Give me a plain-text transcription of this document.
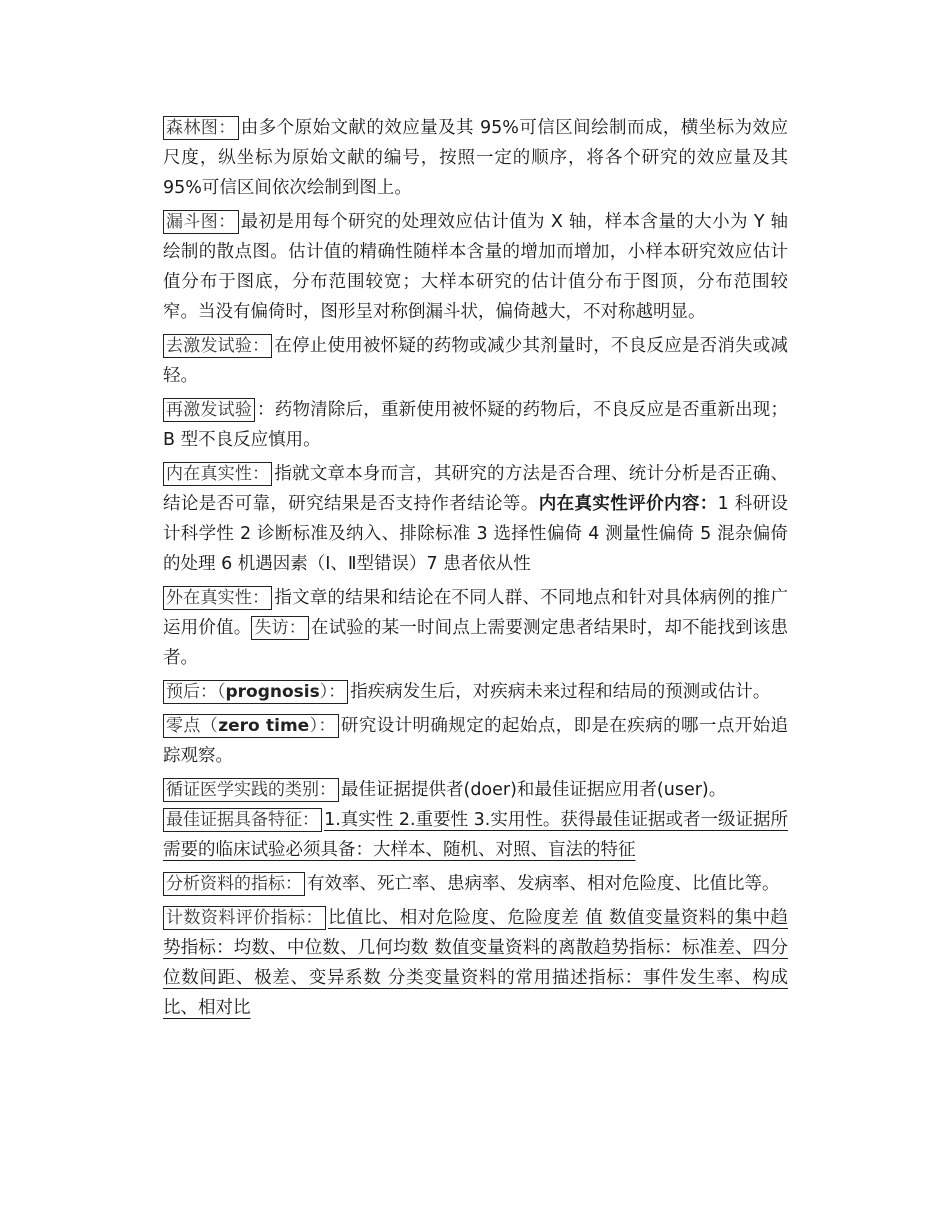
森林图： 由多个原始文献的效应量及其 95%可信区间绘制而成，横坐标为效应尺度，纵坐标为原始文献的编号，按照一定的顺序，将各个研究的效应量及其 95%可信区间依次绘制到图上。

漏斗图： 最初是用每个研究的处理效应估计值为 X 轴，样本含量的大小为 Y 轴绘制的散点图。估计值的精确性随样本含量的增加而增加，小样本研究效应估计值分布于图底，分布范围较宽；大样本研究的估计值分布于图顶，分布范围较窄。当没有偏倚时，图形呈对称倒漏斗状，偏倚越大，不对称越明显。

去激发试验： 在停止使用被怀疑的药物或减少其剂量时，不良反应是否消失或减轻。

再激发试验 ：药物清除后，重新使用被怀疑的药物后，不良反应是否重新出现；B 型不良反应慎用。

内在真实性： 指就文章本身而言，其研究的方法是否合理、统计分析是否正确、结论是否可靠，研究结果是否支持作者结论等。内在真实性评价内容：1 科研设计科学性 2 诊断标准及纳入、排除标准 3 选择性偏倚 4 测量性偏倚 5 混杂偏倚的处理 6 机遇因素（Ⅰ、Ⅱ型错误）7 患者依从性

外在真实性： 指文章的结果和结论在不同人群、不同地点和针对具体病例的推广运用价值。 失访： 在试验的某一时间点上需要测定患者结果时，却不能找到该患者。

预后：（prognosis）： 指疾病发生后，对疾病未来过程和结局的预测或估计。

零点（zero time）： 研究设计明确规定的起始点，即是在疾病的哪一点开始追踪观察。

循证医学实践的类别： 最佳证据提供者(doer)和最佳证据应用者(user)。

最佳证据具备特征： 1.真实性 2.重要性 3.实用性。获得最佳证据或者一级证据所需要的临床试验必须具备：大样本、随机、对照、盲法的特征

分析资料的指标： 有效率、死亡率、患病率、发病率、相对危险度、比值比等。

计数资料评价指标： 比值比、相对危险度、危险度差 值 数值变量资料的集中趋势指标：均数、中位数、几何均数 数值变量资料的离散趋势指标：标准差、四分位数间距、极差、变异系数 分类变量资料的常用描述指标：事件发生率、构成比、相对比
